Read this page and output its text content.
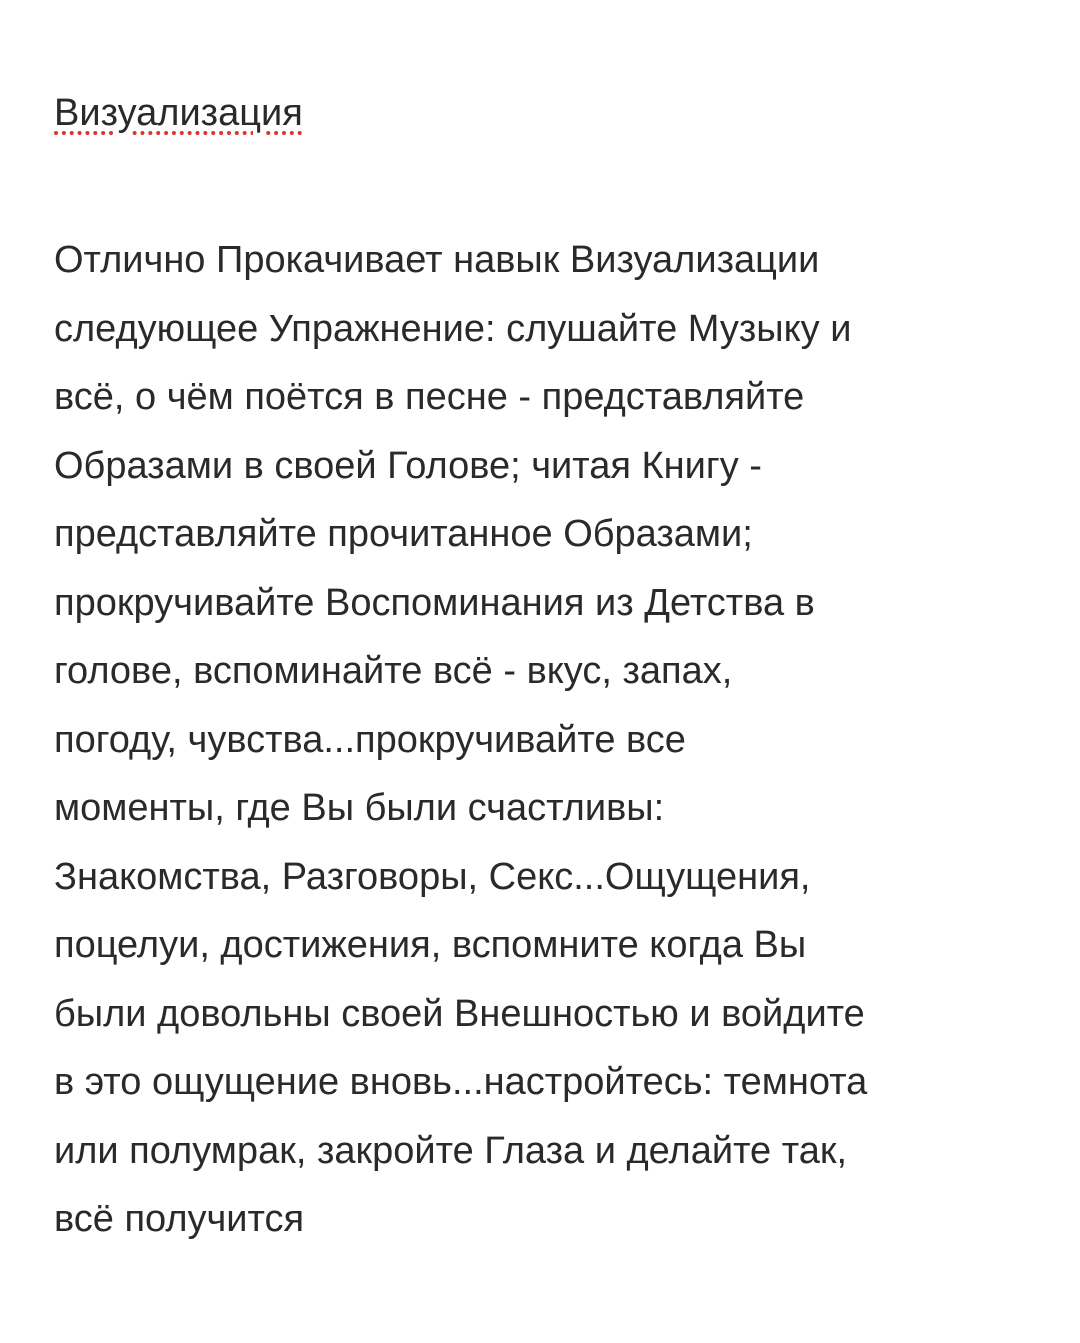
Визуализация

Отлично Прокачивает навык Визуализации

следующее Упражнение: слушайте Музыку и

всё, о чём поётся в песне - представляйте

Образами в своей Голове; читая Книгу -

представляйте прочитанное Образами;

прокручивайте Воспоминания из Детства в

голове, вспоминайте всё - вкус, запах,

погоду, чувства...прокручивайте все

моменты, где Вы были счастливы:

Знакомства, Разговоры, Секс...Ощущения,

поцелуи, достижения, вспомните когда Вы

были довольны своей Внешностью и войдите

в это ощущение вновь...настройтесь: темнота

или полумрак, закройте Глаза и делайте так,

всё получится
